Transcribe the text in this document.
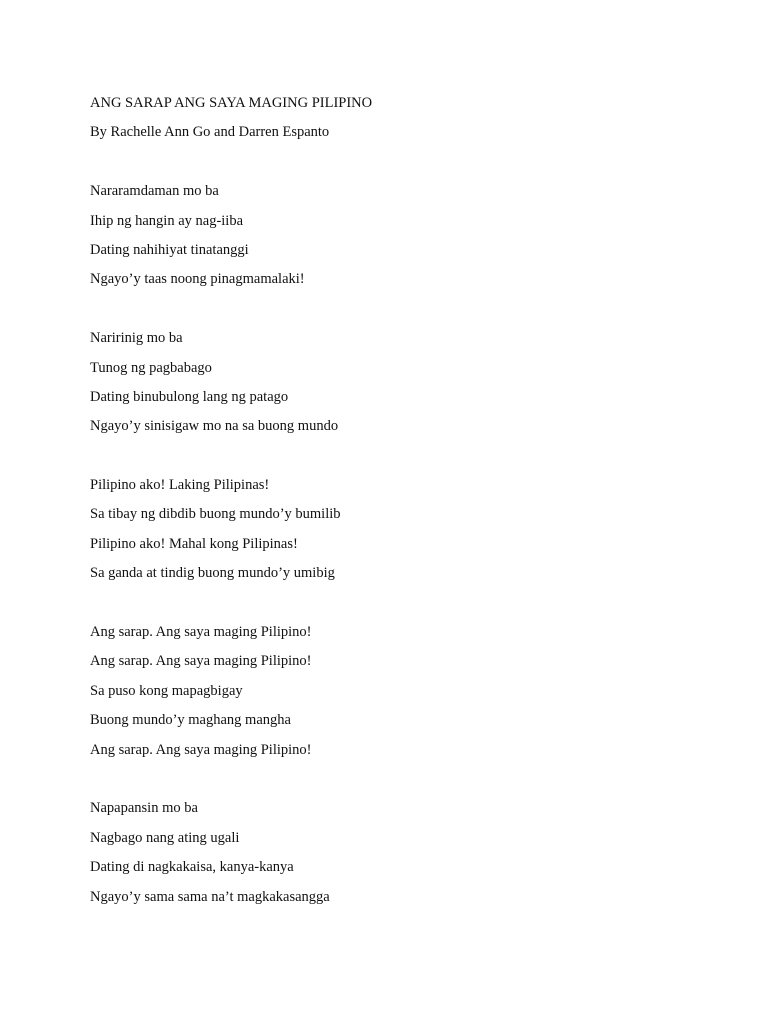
ANG SARAP ANG SAYA MAGING PILIPINO
By Rachelle Ann Go and Darren Espanto
Nararamdaman mo ba
Ihip ng hangin ay nag-iiba
Dating nahihiyat tinatanggi
Ngayo’y taas noong pinagmamalaki!
Naririnig mo ba
Tunog ng pagbabago
Dating binubulong lang ng patago
Ngayo’y sinisigaw mo na sa buong mundo
Pilipino ako! Laking Pilipinas!
Sa tibay ng dibdib buong mundo’y bumilib
Pilipino ako! Mahal kong Pilipinas!
Sa ganda at tindig buong mundo’y umibig
Ang sarap. Ang saya maging Pilipino!
Ang sarap. Ang saya maging Pilipino!
Sa puso kong mapagbigay
Buong mundo’y maghang mangha
Ang sarap. Ang saya maging Pilipino!
Napapansin mo ba
Nagbago nang ating ugali
Dating di nagkakaisa, kanya-kanya
Ngayo’y sama sama na’t magkakasangga
